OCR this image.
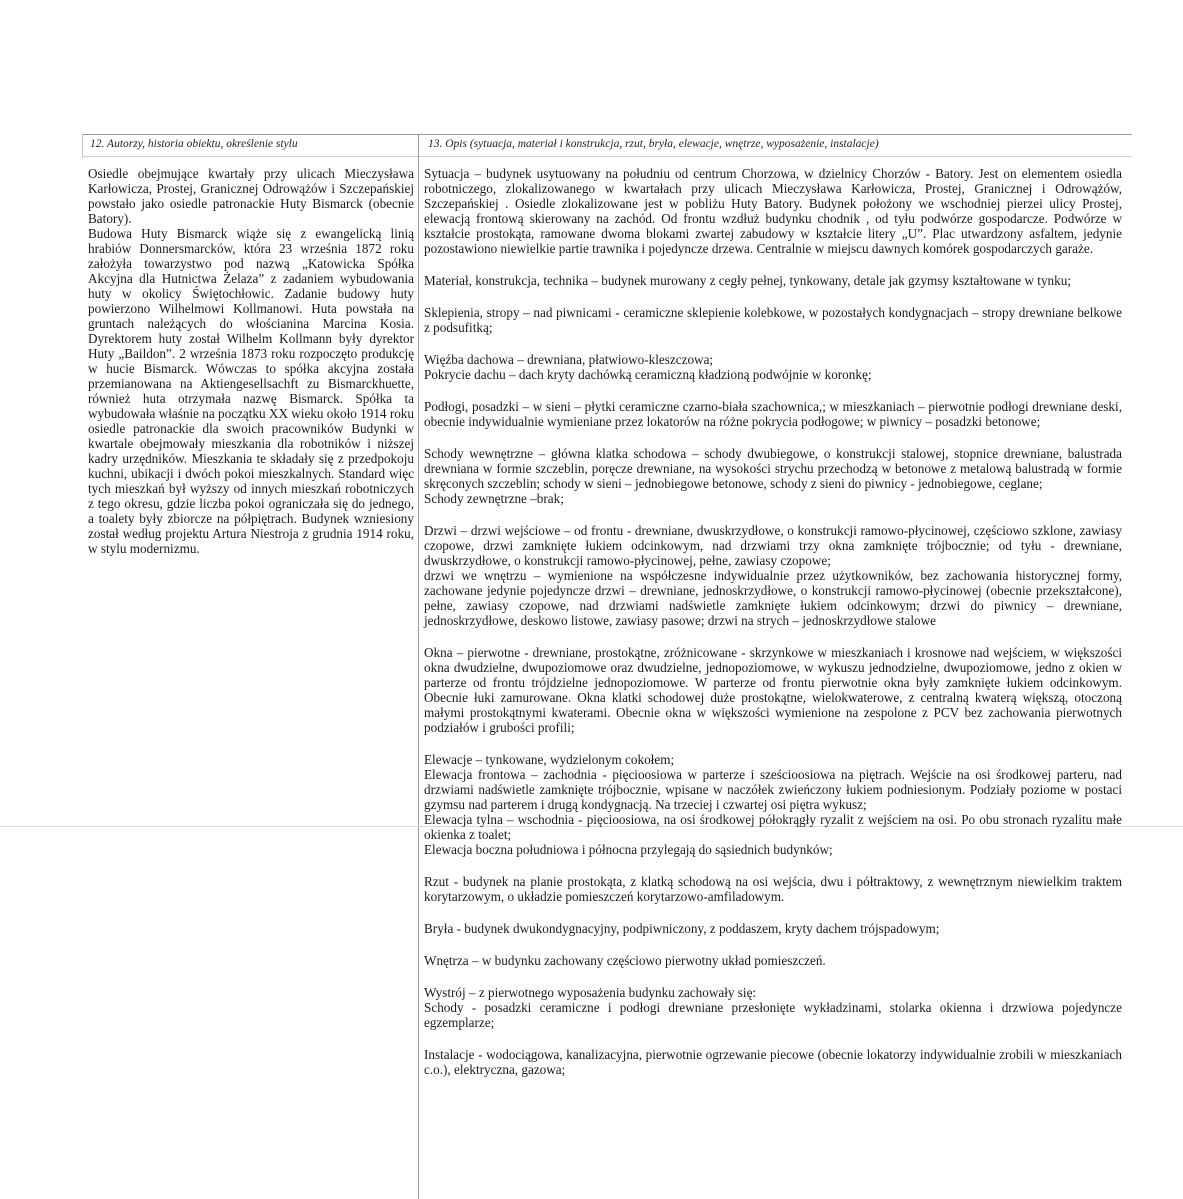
12. Autorzy, historia obiektu, określenie stylu	13. Opis (sytuacja, materiał i konstrukcja, rzut, bryła, elewacje, wnętrze, wyposażenie, instalacje)

Osiedle obejmujące kwartały przy ulicach Mieczysława Karłowicza, Prostej, Granicznej Odrowążów i Szczepańskiej powstało jako osiedle patronackie Huty Bismarck (obecnie Batory).

Budowa Huty Bismarck wiąże się z ewangelicką linią hrabiów Donnersmarcków, która 23 września 1872 roku założyła towarzystwo pod nazwą „Katowicka Spółka Akcyjna dla Hutnictwa Żelaza” z zadaniem wybudowania huty w okolicy Świętochłowic. Zadanie budowy huty powierzono Wilhelmowi Kollmanowi. Huta powstała na gruntach należących do włościanina Marcina Kosia. Dyrektorem huty został Wilhelm Kollmann były dyrektor Huty „Baildon”. 2 września 1873 roku rozpoczęto produkcję w hucie Bismarck. Wówczas to spółka akcyjna została przemianowana na Aktiengesellsachft zu Bismarckhuette, również huta otrzymała nazwę Bismarck. Spółka ta wybudowała właśnie na początku XX wieku około 1914 roku osiedle patronackie dla swoich pracowników Budynki w kwartale obejmowały mieszkania dla robotników i niższej kadry urzędników. Mieszkania te składały się z przedpokoju kuchni, ubikacji i dwóch pokoi mieszkalnych. Standard więc tych mieszkań był wyższy od innych mieszkań robotniczych z tego okresu, gdzie liczba pokoi ograniczała się do jednego, a toalety były zbiorcze na półpiętrach. Budynek wzniesiony został według projektu Artura Niestroja z grudnia 1914 roku, w stylu modernizmu.

Sytuacja – budynek usytuowany na południu od centrum Chorzowa, w dzielnicy Chorzów - Batory. Jest on elementem osiedla robotniczego, zlokalizowanego w kwartałach przy ulicach Mieczysława Karłowicza, Prostej, Granicznej i Odrowążów, Szczepańskiej . Osiedle zlokalizowane jest w pobliżu Huty Batory. Budynek położony we wschodniej pierzei ulicy Prostej, elewacją frontową skierowany na zachód. Od frontu wzdłuż budynku chodnik , od tyłu podwórze gospodarcze. Podwórze w kształcie prostokąta, ramowane dwoma blokami zwartej zabudowy w kształcie litery „U”. Plac utwardzony asfaltem, jedynie pozostawiono niewielkie partie trawnika i pojedyncze drzewa. Centralnie w miejscu dawnych komórek gospodarczych garaże.

Materiał, konstrukcja, technika – budynek murowany z cegły pełnej, tynkowany, detale jak gzymsy kształtowane w tynku;

Sklepienia, stropy – nad piwnicami - ceramiczne sklepienie kolebkowe, w pozostałych kondygnacjach – stropy drewniane belkowe z podsufitką;

Więźba dachowa – drewniana, płatwiowo-kleszczowa;
Pokrycie dachu – dach kryty dachówką ceramiczną kładzioną podwójnie w koronkę;

Podłogi, posadzki – w sieni – płytki ceramiczne czarno-biała szachownica,; w mieszkaniach – pierwotnie podłogi drewniane deski, obecnie indywidualnie wymieniane przez lokatorów na różne pokrycia podłogowe; w piwnicy – posadzki betonowe;

Schody wewnętrzne – główna klatka schodowa – schody dwubiegowe, o konstrukcji stalowej, stopnice drewniane, balustrada drewniana w formie szczeblin, poręcze drewniane, na wysokości strychu przechodzą w betonowe z metalową balustradą w formie skręconych szczeblin; schody w sieni – jednobiegowe betonowe, schody z sieni do piwnicy - jednobiegowe, ceglane;
Schody zewnętrzne –brak;

Drzwi – drzwi wejściowe – od frontu - drewniane, dwuskrzydłowe, o konstrukcji ramowo-płycinowej, częściowo szklone, zawiasy czopowe, drzwi zamknięte łukiem odcinkowym, nad drzwiami trzy okna zamknięte trójbocznie; od tyłu - drewniane, dwuskrzydłowe, o konstrukcji ramowo-płycinowej, pełne, zawiasy czopowe;
drzwi we wnętrzu – wymienione na współczesne indywidualnie przez użytkowników, bez zachowania historycznej formy, zachowane jedynie pojedyncze drzwi – drewniane, jednoskrzydłowe, o konstrukcji ramowo-płycinowej (obecnie przekształcone), pełne, zawiasy czopowe, nad drzwiami nadświetle zamknięte łukiem odcinkowym; drzwi do piwnicy – drewniane, jednoskrzydłowe, deskowo listowe, zawiasy pasowe; drzwi na strych – jednoskrzydłowe stalowe

Okna – pierwotne - drewniane, prostokątne, zróżnicowane - skrzynkowe w mieszkaniach i krosnowe nad wejściem, w większości okna dwudzielne, dwupoziomowe oraz dwudzielne, jednopoziomowe, w wykuszu jednodzielne, dwupoziomowe, jedno z okien w parterze od frontu trójdzielne jednopoziomowe. W parterze od frontu pierwotnie okna były zamknięte łukiem odcinkowym. Obecnie łuki zamurowane. Okna klatki schodowej duże prostokątne, wielokwaterowe, z centralną kwaterą większą, otoczoną małymi prostokątnymi kwaterami. Obecnie okna w większości wymienione na zespolone z PCV bez zachowania pierwotnych podziałów i grubości profili;

Elewacje – tynkowane, wydzielonym cokołem;
Elewacja frontowa – zachodnia - pięcioosiowa w parterze i sześcioosiowa na piętrach. Wejście na osi środkowej parteru, nad drzwiami nadświetle zamknięte trójbocznie, wpisane w naczółek zwieńczony łukiem podniesionym. Podziały poziome w postaci gzymsu nad parterem i drugą kondygnacją. Na trzeciej i czwartej osi piętra wykusz;
Elewacja tylna – wschodnia - pięcioosiowa, na osi środkowej półokrągły ryzalit z wejściem na osi. Po obu stronach ryzalitu małe okienka z toalet;
Elewacja boczna południowa i północna przylegają do sąsiednich budynków;

Rzut - budynek na planie prostokąta, z klatką schodową na osi wejścia, dwu i półtraktowy, z wewnętrznym niewielkim traktem korytarzowym, o układzie pomieszczeń korytarzowo-amfiladowym.

Bryła - budynek dwukondygnacyjny, podpiwniczony, z poddaszem, kryty dachem trójspadowym;

Wnętrza – w budynku zachowany częściowo pierwotny układ pomieszczeń.

Wystrój – z pierwotnego wyposażenia budynku zachowały się:
Schody - posadzki ceramiczne i podłogi drewniane przesłonięte wykładzinami, stolarka okienna i drzwiowa pojedyncze egzemplarze;

Instalacje - wodociągowa, kanalizacyjna, pierwotnie ogrzewanie piecowe (obecnie lokatorzy indywidualnie zrobili w mieszkaniach c.o.), elektryczna, gazowa;
